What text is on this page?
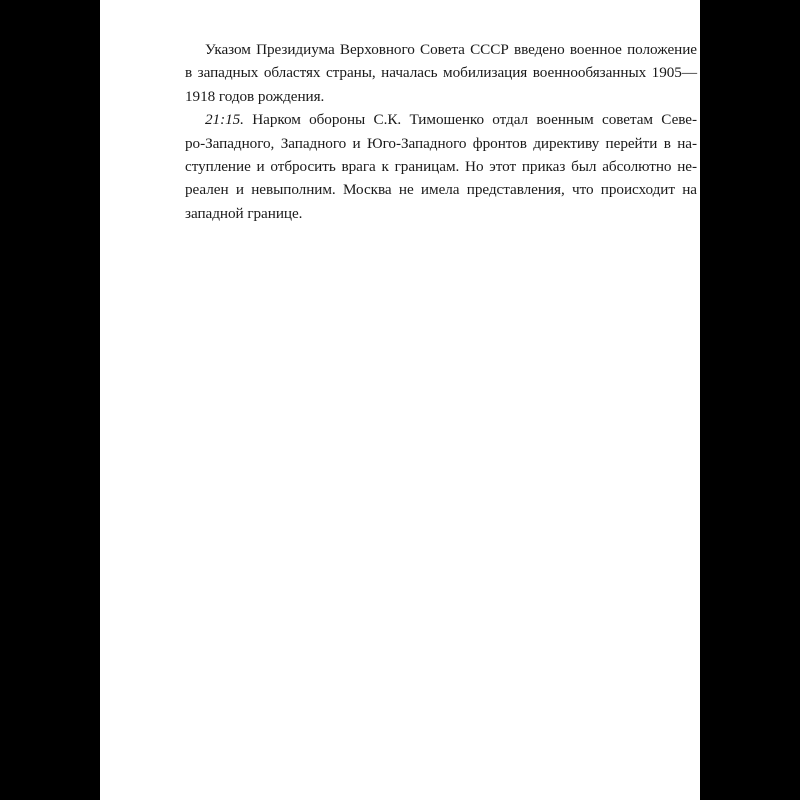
Указом Президиума Верховного Совета СССР введено военное положение
в западных областях страны, началась мобилизация военнообязанных 1905—
1918 годов рождения.
21:15. Нарком обороны С.К. Тимошенко отдал военным советам Севе-
ро-Западного, Западного и Юго-Западного фронтов директиву перейти в на-
ступление и отбросить врага к границам. Но этот приказ был абсолютно не-
реален и невыполним. Москва не имела представления, что происходит на
западной границе.
